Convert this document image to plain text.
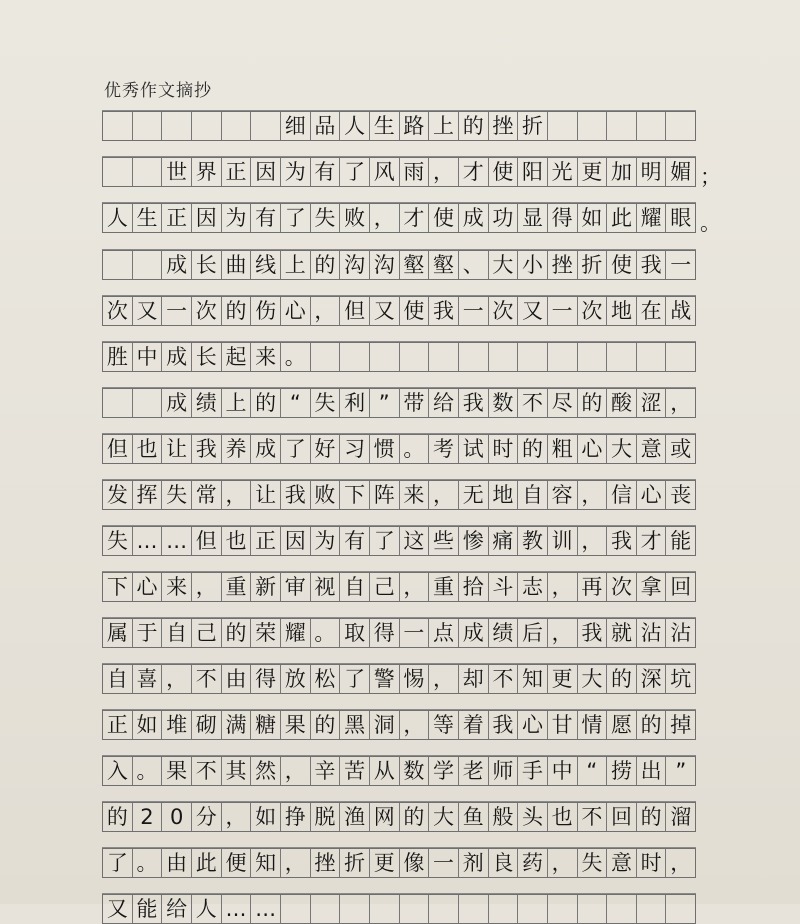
优秀作文摘抄
细 品 人 生 路 上 的 挫 折
世 界 正 因 为 有 了 风 雨 ， 才 使 阳 光 更 加 明 媚
人 生 正 因 为 有 了 失 败 ， 才 使 成 功 显 得 如 此 耀 眼
成 长 曲 线 上 的 沟 沟 壑 壑 、 大 小 挫 折 使 我 一
次 又 一 次 的 伤 心 ， 但 又 使 我 一 次 又 一 次 地 在 战
胜 中 成 长 起 来 。
成 绩 上 的 “ 失 利 ” 带 给 我 数 不 尽 的 酸 涩 ，
但 也 让 我 养 成 了 好 习 惯 。 考 试 时 的 粗 心 大 意 或
发 挥 失 常 ， 让 我 败 下 阵 来 ， 无 地 自 容 ， 信 心 丧
失 … … 但 也 正 因 为 有 了 这 些 惨 痛 教 训 ， 我 才 能
下 心 来 ， 重 新 审 视 自 己 ， 重 拾 斗 志 ， 再 次 拿 回
属 于 自 己 的 荣 耀 。 取 得 一 点 成 绩 后 ， 我 就 沾 沾
自 喜 ， 不 由 得 放 松 了 警 惕 ， 却 不 知 更 大 的 深 坑
正 如 堆 砌 满 糖 果 的 黑 洞 ， 等 着 我 心 甘 情 愿 的 掉
入 。 果 不 其 然 ， 辛 苦 从 数 学 老 师 手 中 “ 捞 出 ”
的 2 0 分 ， 如 挣 脱 渔 网 的 大 鱼 般 头 也 不 回 的 溜
了 。 由 此 便 知 ， 挫 折 更 像 一 剂 良 药 ， 失 意 时 ，
又 能 给 人 … …
；
。
